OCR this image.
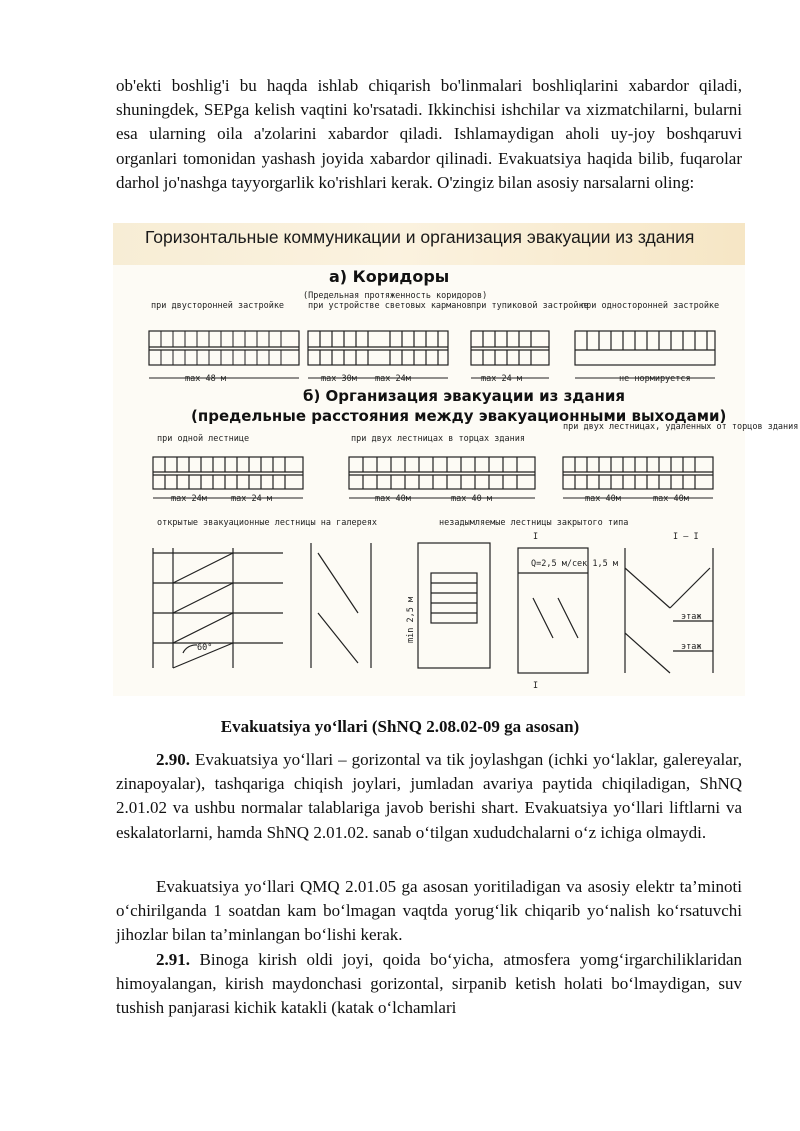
ob'ekti boshlig'i bu haqda ishlab chiqarish bo'linmalari boshliqlarini xabardor qiladi, shuningdek, SEPga kelish vaqtini ko'rsatadi. Ikkinchisi ishchilar va xizmatchilarni, bularni esa ularning oila a'zolarini xabardor qiladi. Ishlamaydigan aholi uy-joy boshqaruvi organlari tomonidan yashash joyida xabardor qilinadi. Evakuatsiya haqida bilib, fuqarolar darhol jo'nashga tayyorgarlik ko'rishlari kerak. O'zingiz bilan asosiy narsalarni oling:

Горизонтальные коммуникации и организация эвакуации из здания
а) Коридоры
(Предельная протяженность коридоров)
при двусторонней застройке	при устройстве световых карманов при тупиковой застройке
при односторонней застройке
max 48 м	max 30м max 24м	max 24 м	не нормируется
б) Организация эвакуации из здания
(предельные расстояния между эвакуационными выходами)
при одной лестнице	при двух лестницах в торцах здания
при двух лестницах, удаленных от торцов здания
max 24м	max 24 м	max 40м	max 40 м	max 40м	max 40м
открытые эвакуационные лестницы на галереях	незадымляемые лестницы закрытого типа
60°
min 2,5 м
Q=2,5 м/сек 1,5 м
I
I
I – I
этаж
этаж

Evakuatsiya yo‘llari (ShNQ 2.08.02-09 ga asosan)

2.90. Evakuatsiya yo‘llari – gorizontal va tik joylashgan (ichki yo‘laklar, galereyalar, zinapoyalar), tashqariga chiqish joylari, jumladan avariya paytida chiqiladigan, ShNQ 2.01.02 va ushbu normalar talablariga javob berishi shart. Evakuatsiya yo‘llari liftlarni va eskalatorlarni, hamda ShNQ 2.01.02. sanab o‘tilgan xududchalarni o‘z ichiga olmaydi.

Evakuatsiya yo‘llari QMQ 2.01.05 ga asosan yoritiladigan va asosiy elektr ta’minoti o‘chirilganda 1 soatdan kam bo‘lmagan vaqtda yorug‘lik chiqarib yo‘nalish ko‘rsatuvchi jihozlar bilan ta’minlangan bo‘lishi kerak.

2.91. Binoga kirish oldi joyi, qoida bo‘yicha, atmosfera yomg‘irgarchiliklaridan himoyalangan, kirish maydonchasi gorizontal, sirpanib ketish holati bo‘lmaydigan, suv tushish panjarasi kichik katakli (katak o‘lchamlari
